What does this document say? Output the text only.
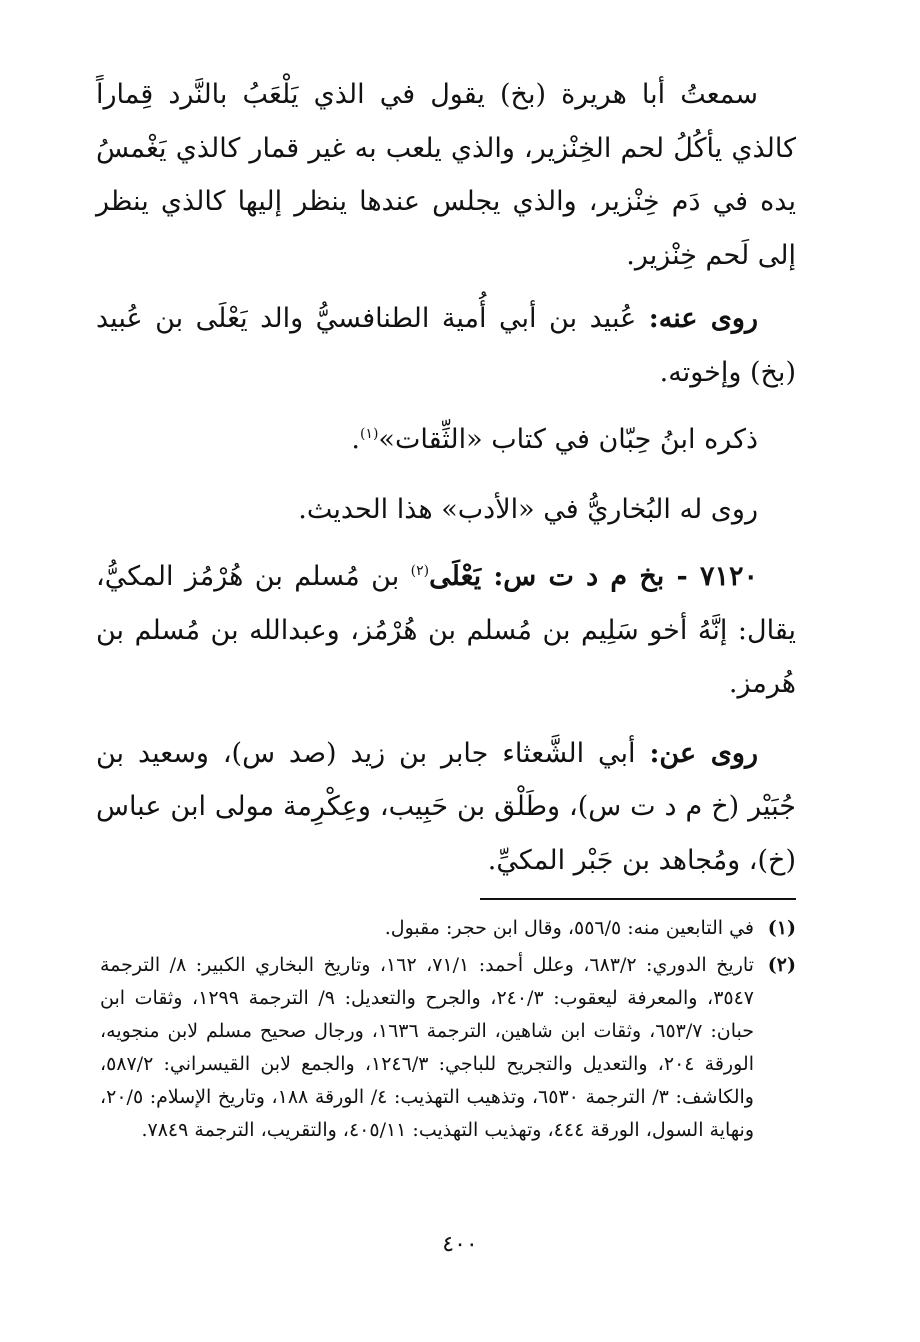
سمعتُ أبا هريرة (بخ) يقول في الذي يَلْعَبُ بالنَّرد قِماراً كالذي يأكُلُ لحم الخِنْزير، والذي يلعب به غير قمار كالذي يَغْمسُ يده في دَم خِنْزير، والذي يجلس عندها ينظر إليها كالذي ينظر إلى لَحم خِنْزير.

روى عنه: عُبيد بن أبي أُمية الطنافسيُّ والد يَعْلَى بن عُبيد (بخ) وإخوته.

ذكره ابنُ حِبّان في كتاب «الثِّقات»$^{(١)}$.

روى له البُخاريُّ في «الأدب» هذا الحديث.

٧١٢٠ - بخ م د ت س: يَعْلَى$^{(٢)}$ بن مُسلم بن هُرْمُز المكيُّ، يقال: إنَّهُ أخو سَلِيم بن مُسلم بن هُرْمُز، وعبدالله بن مُسلم بن هُرمز.

روى عن: أبي الشَّعثاء جابر بن زيد (صد س)، وسعيد بن جُبَيْر (خ م د ت س)، وطَلْق بن حَبِيب، وعِكْرِمة مولى ابن عباس (خ)، ومُجاهد بن جَبْر المكيِّ.

(١)
في التابعين منه: ٥٥٦/٥، وقال ابن حجر: مقبول.
(٢)
تاريخ الدوري: ٦٨٣/٢، وعلل أحمد: ٧١/١، ١٦٢، وتاريخ البخاري الكبير: ٨/ الترجمة ٣٥٤٧، والمعرفة ليعقوب: ٢٤٠/٣، والجرح والتعديل: ٩/ الترجمة ١٢٩٩، وثقات ابن حبان: ٦٥٣/٧، وثقات ابن شاهين، الترجمة ١٦٣٦، ورجال صحيح مسلم لابن منجويه، الورقة ٢٠٤، والتعديل والتجريح للباجي: ١٢٤٦/٣، والجمع لابن القيسراني: ٥٨٧/٢، والكاشف: ٣/ الترجمة ٦٥٣٠، وتذهيب التهذيب: ٤/ الورقة ١٨٨، وتاريخ الإسلام: ٢٠/٥، ونهاية السول، الورقة ٤٤٤، وتهذيب التهذيب: ٤٠٥/١١، والتقريب، الترجمة ٧٨٤٩.
٤٠٠
